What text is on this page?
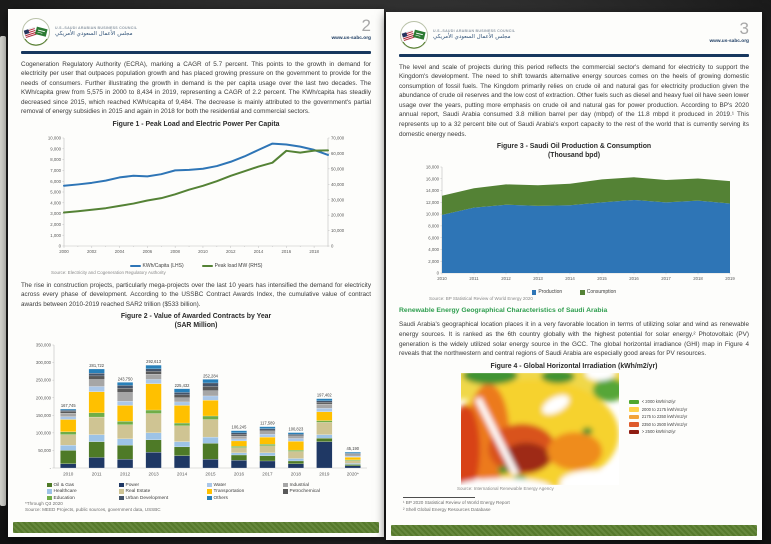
U.S.-SAUDI ARABIAN BUSINESS COUNCIL
مجلس الأعمال السعودي الأمريكي	2
www.us-sabc.org

Cogeneration Regulatory Authority (ECRA), marking a CAGR of 5.7 percent. This points to the growth in demand for electricity per user that outpaces population growth and has placed growing pressure on the government to provide for the needs of consumers. Further illustrating the growth in demand is the per capita usage over the last two decades. The KWh/capita grew from 5,575 in 2000 to 8,434 in 2019, representing a CAGR of 2.2 percent. The KWh/capita has steadily decreased since 2015, which reached KWh/capita of 9,484. The decrease is mainly attributed to the government's partial removal of energy subsidies in 2015 and again in 2018 for both the residential and commercial sectors.

Figure 1 - Peak Load and Electric Power Per Capita
0
1,000
2,000
3,000
4,000
5,000
6,000
7,000
8,000
9,000
10,000
0
10,000
20,000
30,000
40,000
50,000
60,000
70,000
2000	2002	2004	2006	2008	2010	2012	2014	2016	2018
KWh/Capita (LHS)	Peak load MW (RHS)
Source: Electricity and Cogeneration Regulatory Authority

The rise in construction projects, particularly mega-projects over the last 10 years has intensified the demand for electricity across every phase of development. According to the USSBC Contract Awards Index, the cumulative value of contract awards between 2010-2019 reached SAR2 trillion ($533 billion).

Figure 2 - Value of Awarded Contracts by Year
(SAR Million)
-
50,000
100,000
150,000
200,000
250,000
300,000
350,000
167,745
2010
281,722
2011
243,750
2012
292,613
2013
225,432
2014
252,284
2015
106,245
2016
117,589
2017
100,823
2018
197,402
2019
45,190
2020*
Oil & Gas	Power	Water	Industrial
Healthcare	Real Estate	Transportation	Petrochemical
Education	Urban Development	Others
*Through Q3 2020
Source: MEED Projects, public sources, government data, USSBC
U.S.-SAUDI ARABIAN BUSINESS COUNCIL
مجلس الأعمال السعودي الأمريكي	3
www.us-sabc.org

The level and scale of projects during this period reflects the commercial sector's demand for electricity to support the Kingdom's development. The need to shift towards alternative energy sources comes on the heels of growing domestic consumption of fossil fuels. The Kingdom primarily relies on crude oil and natural gas for electricity production given the abundance of crude oil reserves and the low cost of extraction. Other fuels such as diesel and heavy fuel oil have seen lower usage over the years, putting more emphasis on crude oil and natural gas for power production. According to BP's 2020 annual report, Saudi Arabia consumed 3.8 million barrel per day (mbpd) of the 11.8 mbpd it produced in 2019.¹ This represents up to a 32 percent bite out of Saudi Arabia's export capacity to the rest of the world that is currently serving its domestic energy needs.

Figure 3 - Saudi Oil Production & Consumption
(Thousand bpd)
0
2,000
4,000
6,000
8,000
10,000
12,000
14,000
16,000
18,000
2010	2011	2012	2013	2014	2015	2016	2017	2018	2019
Production	Consumption
Source: BP Statistical Review of World Energy 2020
Renewable Energy Geographical Characteristics of Saudi Arabia

Saudi Arabia's geographical location places it in a very favorable location in terms of utilizing solar and wind as renewable energy sources. It is ranked as the 6th country globally with the highest potential for solar energy.² Photovoltaic (PV) generation is the widely utilized solar energy source in the GCC. The global horizontal irradiance (GHI) map in Figure 4 reveals that the northwestern and central regions of Saudi Arabia are especially good areas for PV resources.

Figure 4 - Global Horizontal Irradiation (kWh/m2/yr)
< 2000 kWh/m2/yr
2000 to 2175 kWh/m2/yr
2175 to 2350 kWh/m2/yr
2350 to 2500 kWh/m2/yr
> 2500 kWh/m2/yr
Source: International Renewable Energy Agency
¹ BP 2020 Statistical Review of World Energy Report
² Shell Global Energy Resources Database
